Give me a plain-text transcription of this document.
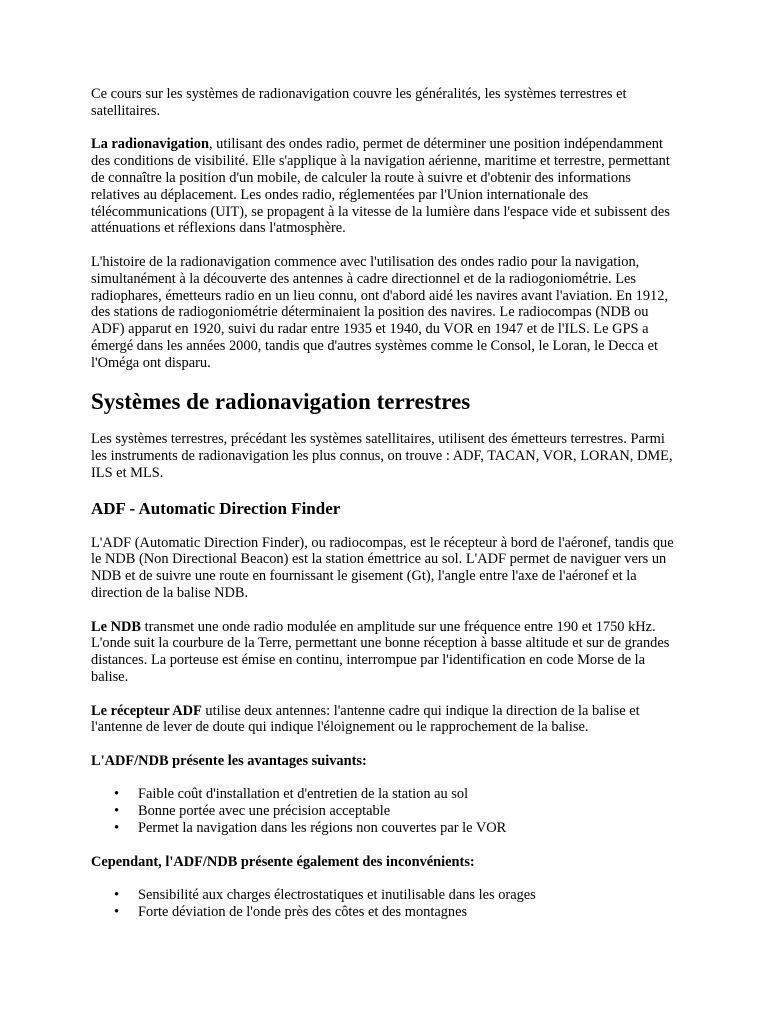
Ce cours sur les systèmes de radionavigation couvre les généralités, les systèmes terrestres et satellitaires.

La radionavigation, utilisant des ondes radio, permet de déterminer une position indépendamment des conditions de visibilité. Elle s'applique à la navigation aérienne, maritime et terrestre, permettant de connaître la position d'un mobile, de calculer la route à suivre et d'obtenir des informations relatives au déplacement. Les ondes radio, réglementées par l'Union internationale des télécommunications (UIT), se propagent à la vitesse de la lumière dans l'espace vide et subissent des atténuations et réflexions dans l'atmosphère.

L'histoire de la radionavigation commence avec l'utilisation des ondes radio pour la navigation, simultanément à la découverte des antennes à cadre directionnel et de la radiogoniométrie. Les radiophares, émetteurs radio en un lieu connu, ont d'abord aidé les navires avant l'aviation. En 1912, des stations de radiogoniométrie déterminaient la position des navires. Le radiocompas (NDB ou ADF) apparut en 1920, suivi du radar entre 1935 et 1940, du VOR en 1947 et de l'ILS. Le GPS a émergé dans les années 2000, tandis que d'autres systèmes comme le Consol, le Loran, le Decca et l'Oméga ont disparu.

Systèmes de radionavigation terrestres

Les systèmes terrestres, précédant les systèmes satellitaires, utilisent des émetteurs terrestres. Parmi les instruments de radionavigation les plus connus, on trouve : ADF, TACAN, VOR, LORAN, DME, ILS et MLS.

ADF - Automatic Direction Finder

L'ADF (Automatic Direction Finder), ou radiocompas, est le récepteur à bord de l'aéronef, tandis que le NDB (Non Directional Beacon) est la station émettrice au sol. L'ADF permet de naviguer vers un NDB et de suivre une route en fournissant le gisement (Gt), l'angle entre l'axe de l'aéronef et la direction de la balise NDB.

Le NDB transmet une onde radio modulée en amplitude sur une fréquence entre 190 et 1750 kHz. L'onde suit la courbure de la Terre, permettant une bonne réception à basse altitude et sur de grandes distances. La porteuse est émise en continu, interrompue par l'identification en code Morse de la balise.

Le récepteur ADF utilise deux antennes: l'antenne cadre qui indique la direction de la balise et l'antenne de lever de doute qui indique l'éloignement ou le rapprochement de la balise.

L'ADF/NDB présente les avantages suivants:

• Faible coût d'installation et d'entretien de la station au sol
• Bonne portée avec une précision acceptable
• Permet la navigation dans les régions non couvertes par le VOR

Cependant, l'ADF/NDB présente également des inconvénients:

• Sensibilité aux charges électrostatiques et inutilisable dans les orages
• Forte déviation de l'onde près des côtes et des montagnes
